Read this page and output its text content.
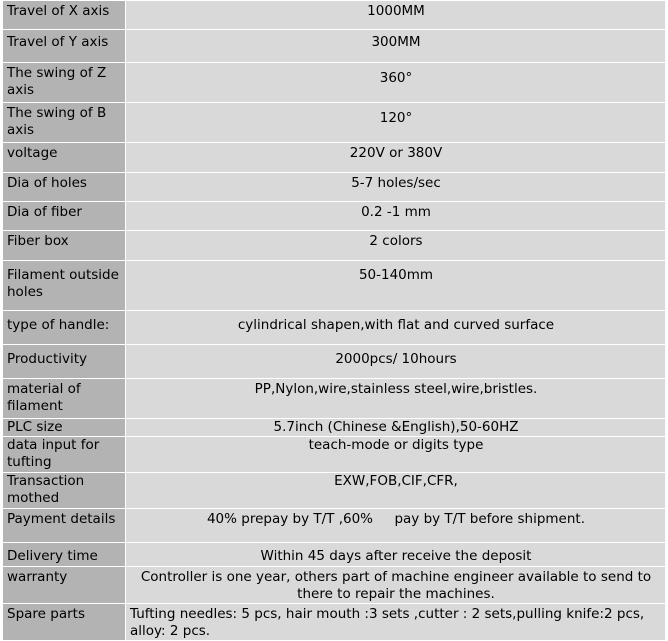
Travel of X axis	1000MM
Travel of Y axis	300MM
The swing of Z axis	360°
The swing of B axis	120°
voltage	220V or 380V
Dia of holes	5-7 holes/sec
Dia of fiber	0.2 -1 mm
Fiber box	2 colors
Filament outside holes	50-140mm
type of handle:	cylindrical shapen,with flat and curved surface
Productivity	2000pcs/ 10hours
material of filament	PP,Nylon,wire,stainless steel,wire,bristles.
PLC size	5.7inch (Chinese &English),50-60HZ
data input for tufting	teach-mode or digits type
Transaction mothed	EXW,FOB,CIF,CFR,
Payment details	40% prepay by T/T ,60%     pay by T/T before shipment.
Delivery time	Within 45 days after receive the deposit
warranty	Controller is one year, others part of machine engineer available to send to there to repair the machines.
Spare parts	Tufting needles: 5 pcs, hair mouth :3 sets ,cutter : 2 sets,pulling knife:2 pcs, alloy: 2 pcs.
